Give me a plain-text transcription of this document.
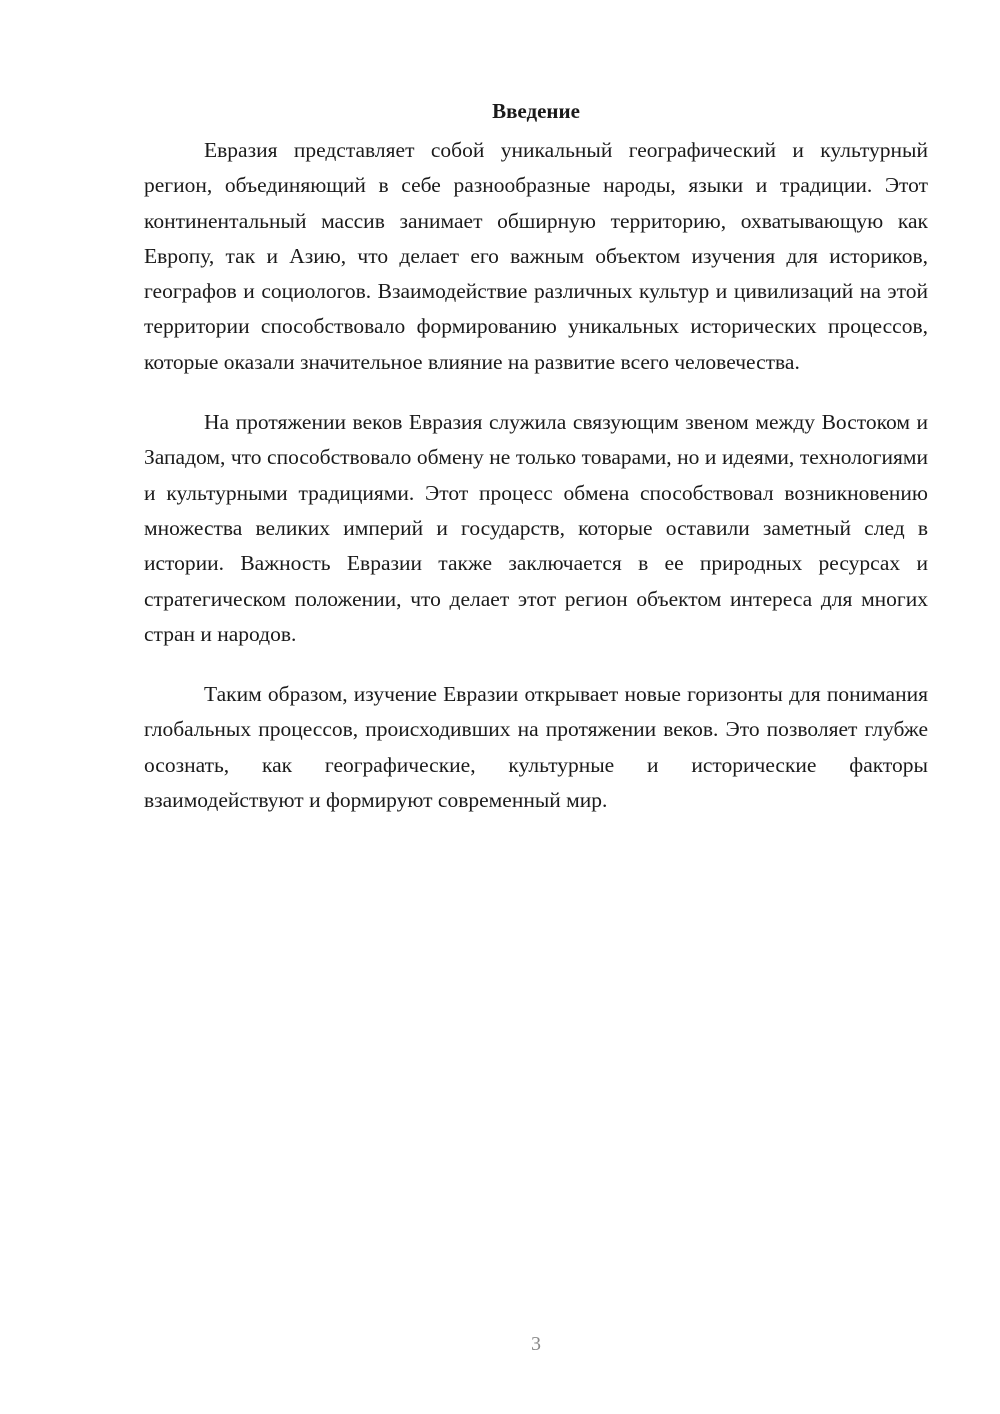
Введение

Евразия представляет собой уникальный географический и культурный регион, объединяющий в себе разнообразные народы, языки и традиции. Этот континентальный массив занимает обширную территорию, охватывающую как Европу, так и Азию, что делает его важным объектом изучения для историков, географов и социологов. Взаимодействие различных культур и цивилизаций на этой территории способствовало формированию уникальных исторических процессов, которые оказали значительное влияние на развитие всего человечества.

На протяжении веков Евразия служила связующим звеном между Востоком и Западом, что способствовало обмену не только товарами, но и идеями, технологиями и культурными традициями. Этот процесс обмена способствовал возникновению множества великих империй и государств, которые оставили заметный след в истории. Важность Евразии также заключается в ее природных ресурсах и стратегическом положении, что делает этот регион объектом интереса для многих стран и народов.

Таким образом, изучение Евразии открывает новые горизонты для понимания глобальных процессов, происходивших на протяжении веков. Это позволяет глубже осознать, как географические, культурные и исторические факторы взаимодействуют и формируют современный мир.

3
